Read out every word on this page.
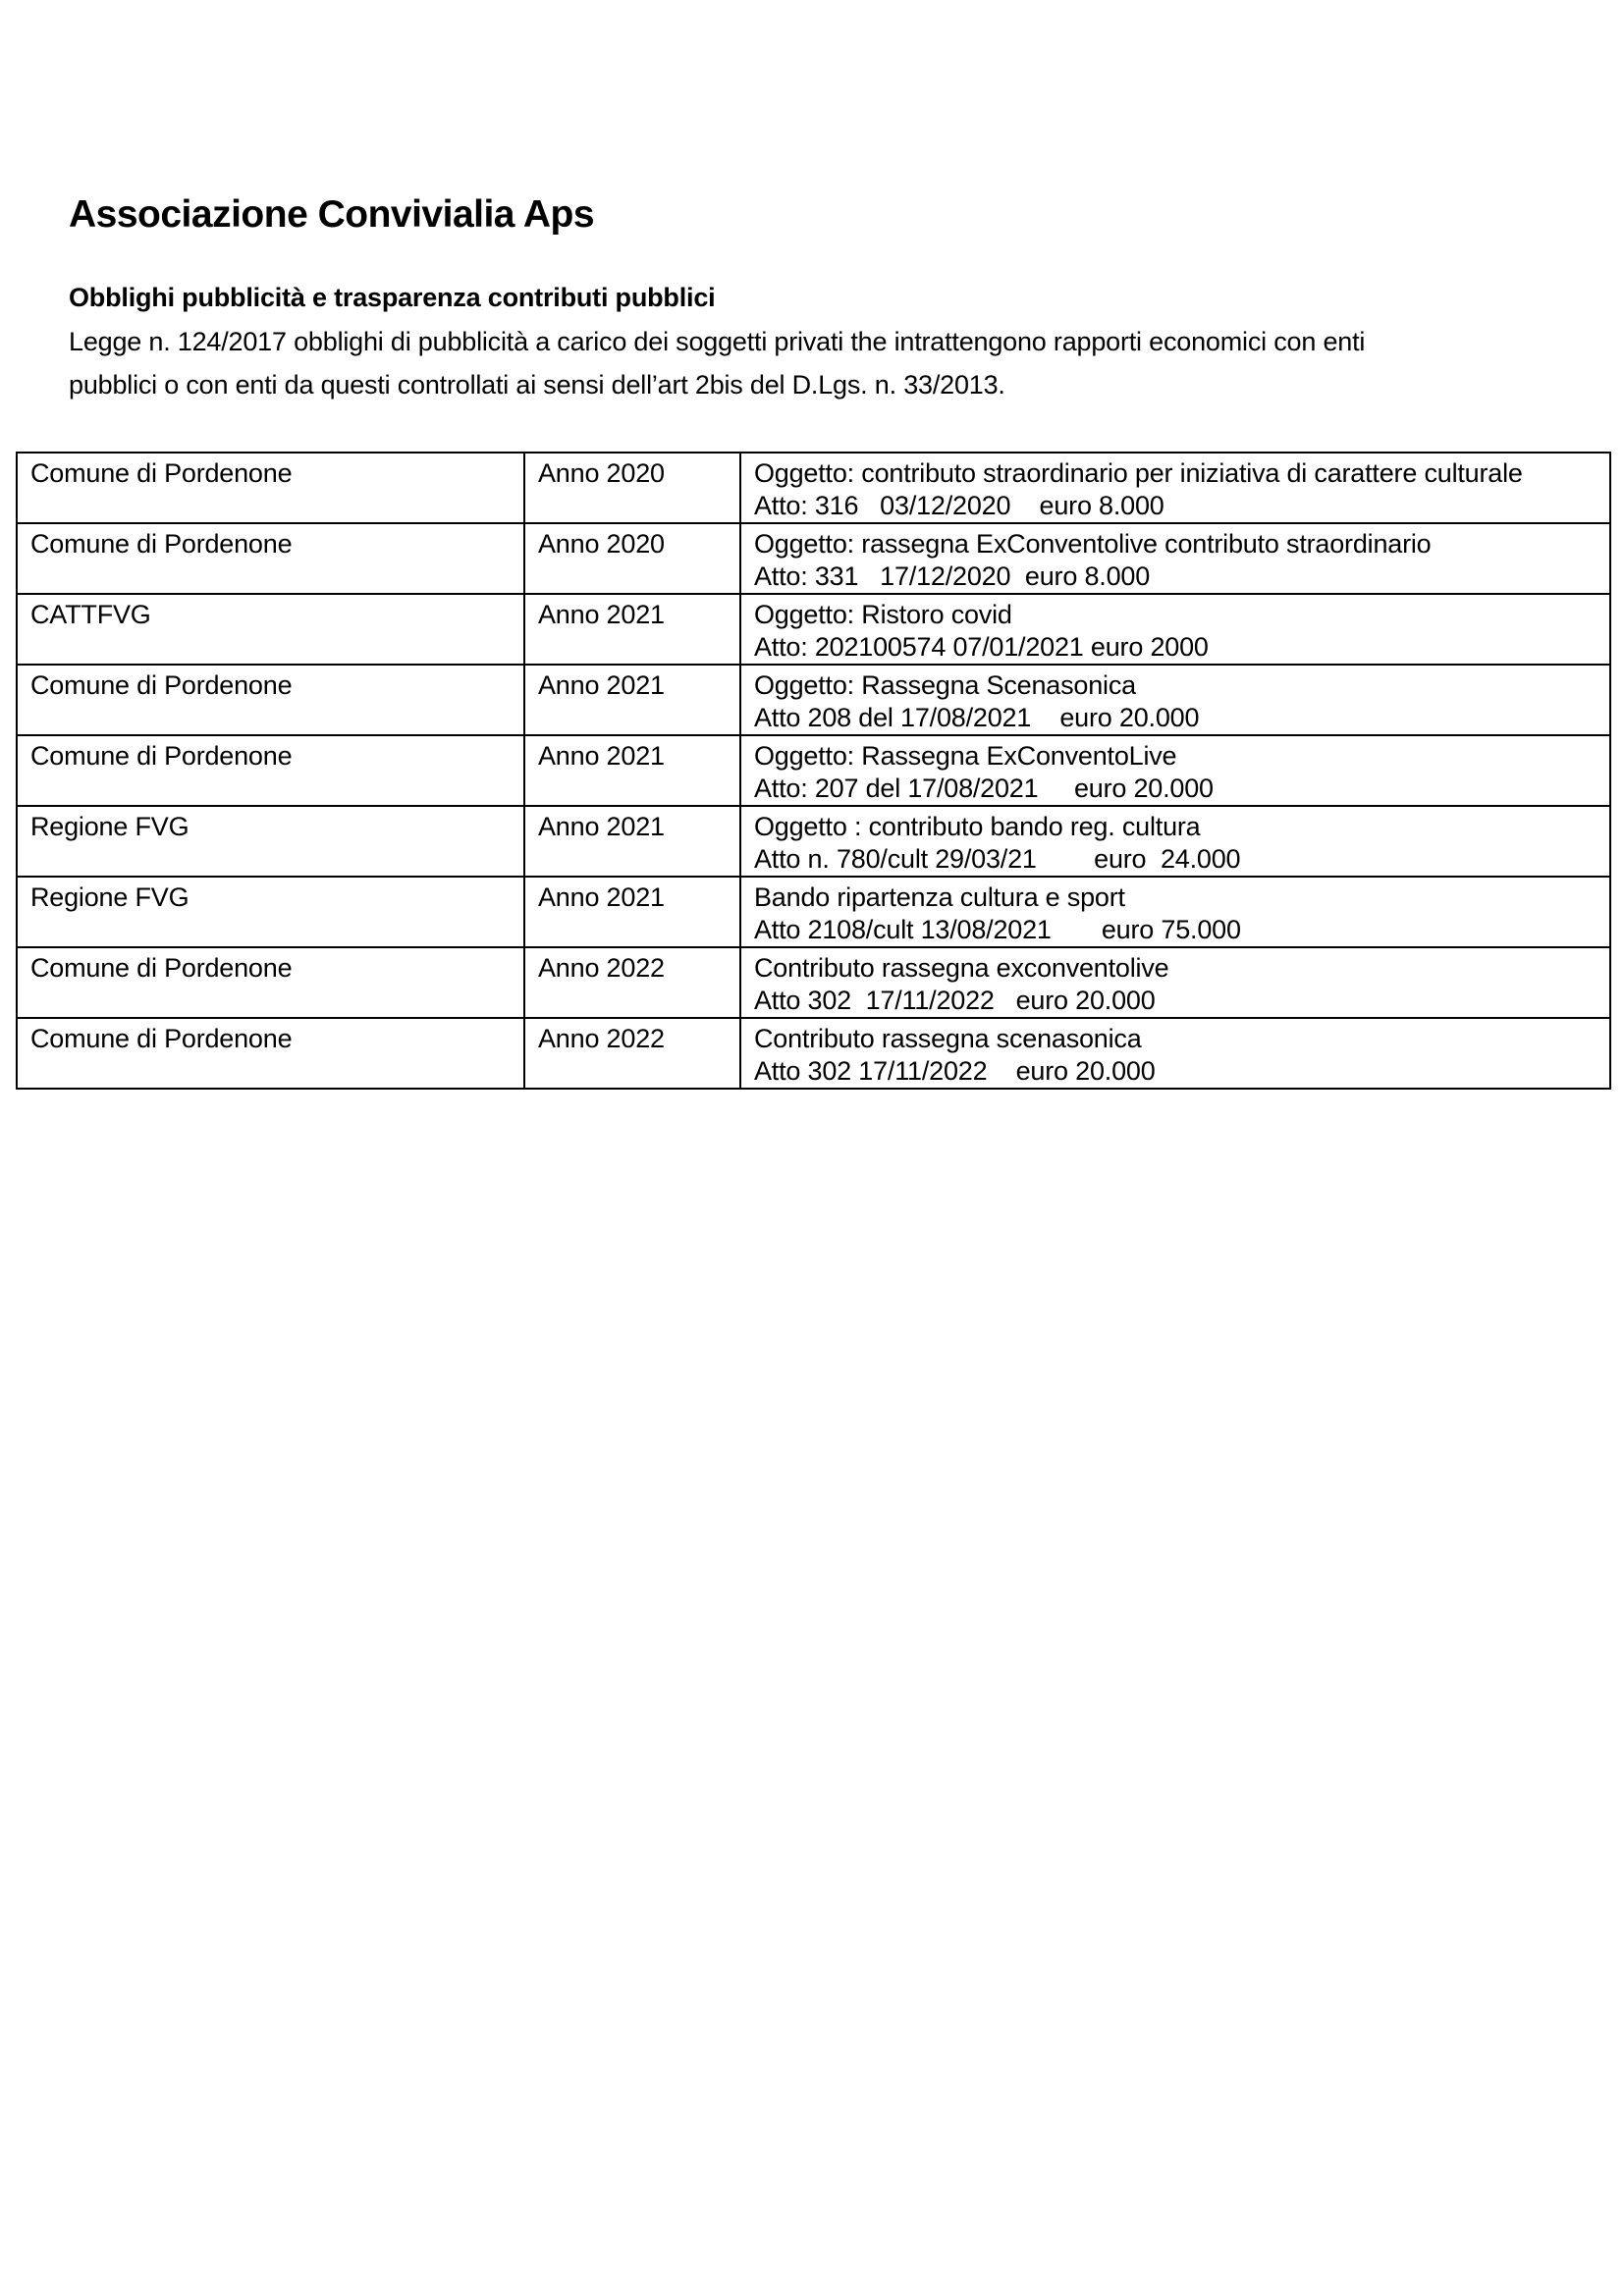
Associazione Convivialia Aps
Obblighi pubblicità e trasparenza contributi pubblici

Legge n. 124/2017 obblighi di pubblicità a carico dei soggetti privati the intrattengono rapporti economici con enti
pubblici o con enti da questi controllati ai sensi dell’art 2bis del D.Lgs. n. 33/2013.

Comune di Pordenone	Anno 2020	Oggetto: contributo straordinario per iniziativa di carattere culturale
Atto: 316   03/12/2020    euro 8.000

Comune di Pordenone	Anno 2020	Oggetto: rassegna ExConventolive contributo straordinario
Atto: 331   17/12/2020  euro 8.000

CATTFVG	Anno 2021	Oggetto: Ristoro covid
Atto: 202100574 07/01/2021 euro 2000

Comune di Pordenone	Anno 2021	Oggetto: Rassegna Scenasonica
Atto 208 del 17/08/2021    euro 20.000

Comune di Pordenone	Anno 2021	Oggetto: Rassegna ExConventoLive
Atto: 207 del 17/08/2021     euro 20.000

Regione FVG	Anno 2021	Oggetto : contributo bando reg. cultura
Atto n. 780/cult 29/03/21        euro  24.000

Regione FVG	Anno 2021	Bando ripartenza cultura e sport
Atto 2108/cult 13/08/2021       euro 75.000

Comune di Pordenone	Anno 2022	Contributo rassegna exconventolive
Atto 302  17/11/2022   euro 20.000

Comune di Pordenone	Anno 2022	Contributo rassegna scenasonica
Atto 302 17/11/2022    euro 20.000
